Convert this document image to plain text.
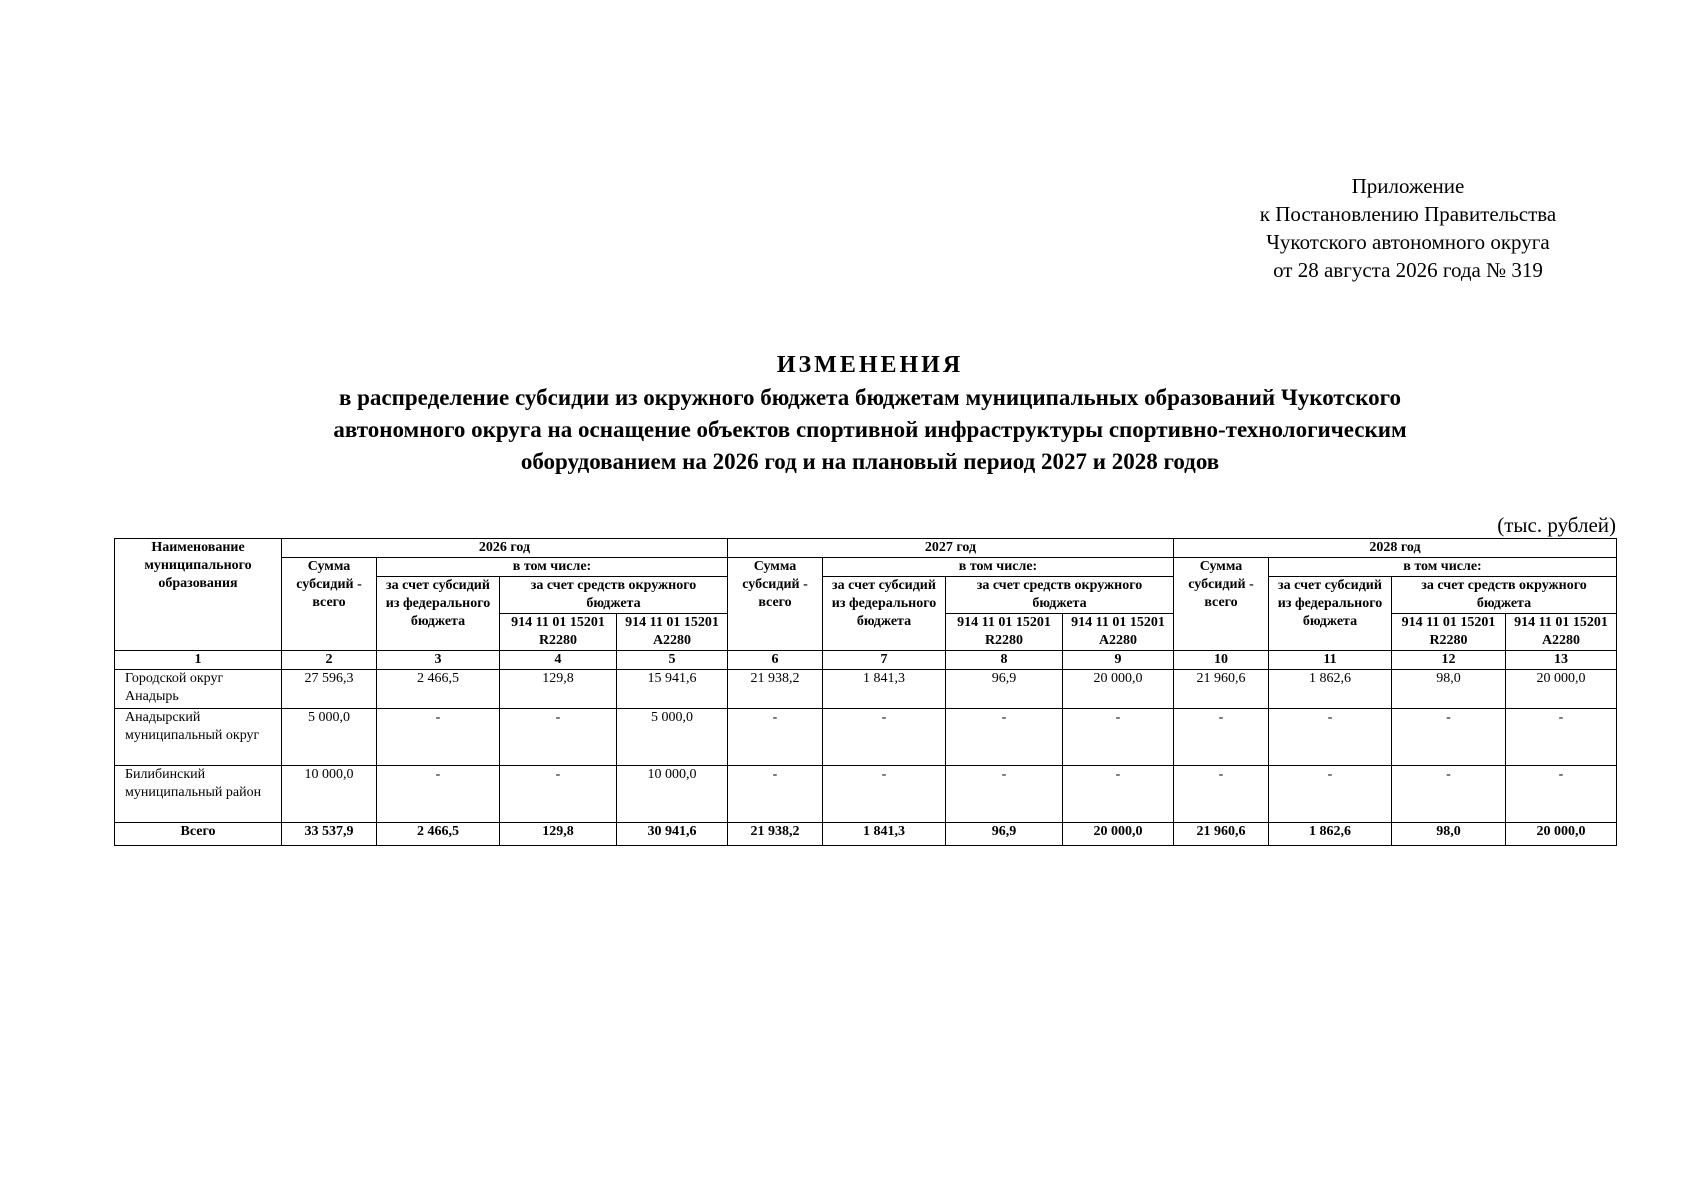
Приложение
к Постановлению Правительства
Чукотского автономного округа
от 28 августа 2026 года № 319
ИЗМЕНЕНИЯ
в распределение субсидии из окружного бюджета бюджетам муниципальных образований Чукотского
автономного округа на оснащение объектов спортивной инфраструктуры спортивно-технологическим
оборудованием на 2026 год и на плановый период 2027 и 2028 годов
(тыс. рублей)
Наименование муниципального образования	2026 год				2027 год				2028 год			
	Сумма субсидий - всего	в том числе:			Сумма субсидий - всего	в том числе:			Сумма субсидий - всего	в том числе:		
		за счет субсидий из федерального бюджета	за счет средств окружного бюджета			за счет субсидий из федерального бюджета	за счет средств окружного бюджета			за счет субсидий из федерального бюджета	за счет средств окружного бюджета	
			914 11 01 15201 R2280	914 11 01 15201 A2280			914 11 01 15201 R2280	914 11 01 15201 A2280			914 11 01 15201 R2280	914 11 01 15201 A2280
1	2	3	4	5	6	7	8	9	10	11	12	13
Городской округ Анадырь	27 596,3	2 466,5	129,8	15 941,6	21 938,2	1 841,3	96,9	20 000,0	21 960,6	1 862,6	98,0	20 000,0
Анадырский муниципальный округ	5 000,0	-	-	5 000,0	-	-	-	-	-	-	-	-
Билибинский муниципальный район	10 000,0	-	-	10 000,0	-	-	-	-	-	-	-	-
Всего	33 537,9	2 466,5	129,8	30 941,6	21 938,2	1 841,3	96,9	20 000,0	21 960,6	1 862,6	98,0	20 000,0
